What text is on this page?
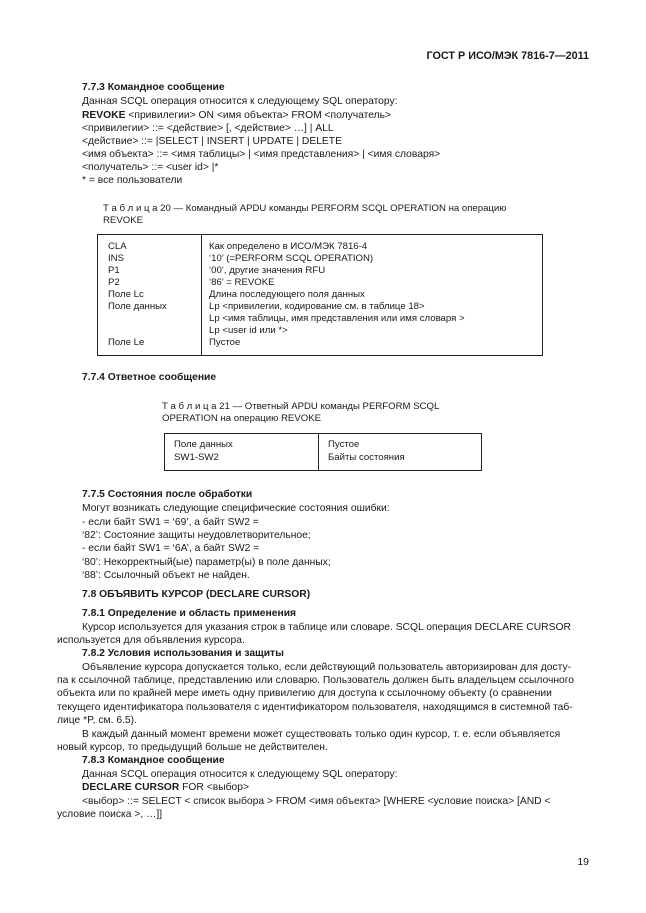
ГОСТ Р ИСО/МЭК 7816-7—2011
7.7.3 Командное сообщение
Данная SCQL операция относится к следующему SQL оператору:
REVOKE <привилегии> ON <имя объекта> FROM <получатель>
<привилегии> ::= <действие> [, <действие> …] | ALL
<действие> ::= |SELECT | INSERT | UPDATE | DELETE
<имя объекта> ::= <имя таблицы> | <имя представления> | <имя словаря>
<получатель> ::= <user id> |*
* = все пользователи
Т а б л и ц а 20 — Командный APDU команды PERFORM SCQL OPERATION на операцию
REVOKE
CLA
INS
P1
P2
Поле Lc
Поле данных
Поле Le
Как определено в ИСО/МЭК 7816-4
‘10’ (=PERFORM SCQL OPERATION)
‘00’, другие значения RFU
‘86’ = REVOKE
Длина последующего поля данных
Lp <привилегии, кодирование см. в таблице 18>
Lp <имя таблицы, имя представления или имя словаря >
Lp <user id или *>
Пустое
7.7.4 Ответное сообщение
Т а б л и ц а 21 — Ответный APDU команды PERFORM SCQL
OPERATION на операцию REVOKE
Поле данных
SW1-SW2
Пустое
Байты состояния
7.7.5 Состояния после обработки
Могут возникать следующие специфические состояния ошибки:
- если байт SW1 = ‘69’, а байт SW2 =
‘82’: Состояние защиты неудовлетворительное;
- если байт SW1 = ‘6A’, а байт SW2 =
‘80’: Некорректный(ые) параметр(ы) в поле данных;
‘88’: Ссылочный объект не найден.
7.8 ОБЪЯВИТЬ КУРСОР (DECLARE CURSOR)
7.8.1 Определение и область применения
Курсор используется для указания строк в таблице или словаре. SCQL операция DECLARE CURSOR
используется для объявления курсора.
7.8.2 Условия использования и защиты
Объявление курсора допускается только, если действующий пользователь авторизирован для досту-
па к ссылочной таблице, представлению или словарю. Пользователь должен быть владельцем ссылочного
объекта или по крайней мере иметь одну привилегию для доступа к ссылочному объекту (о сравнении
текущего идентификатора пользователя с идентификатором пользователя, находящимся в системной таб-
лице *P, см. 6.5).
В каждый данный момент времени может существовать только один курсор, т. е. если объявляется
новый курсор, то предыдущий больше не действителен.
7.8.3 Командное сообщение
Данная SCQL операция относится к следующему SQL оператору:
DECLARE CURSOR FOR <выбор>
<выбор> ::= SELECT < список выбора > FROM <имя объекта> [WHERE <условие поиска> [AND <
условие поиска >, …]]
19
